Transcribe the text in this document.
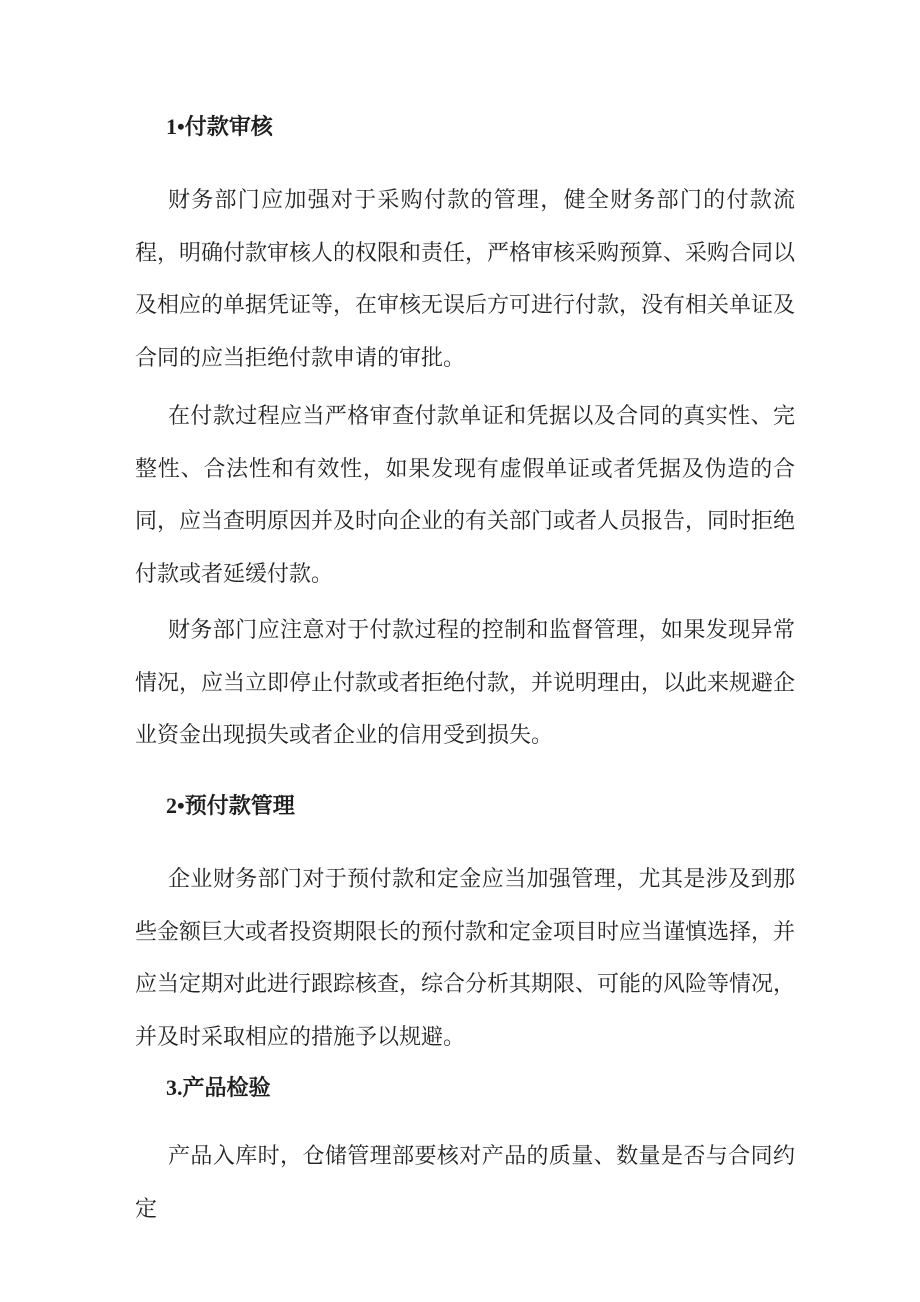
1•付款审核

财务部门应加强对于采购付款的管理，健全财务部门的付款流程，明确付款审核人的权限和责任，严格审核采购预算、采购合同以及相应的单据凭证等，在审核无误后方可进行付款，没有相关单证及合同的应当拒绝付款申请的审批。

在付款过程应当严格审查付款单证和凭据以及合同的真实性、完整性、合法性和有效性，如果发现有虚假单证或者凭据及伪造的合同，应当查明原因并及时向企业的有关部门或者人员报告，同时拒绝付款或者延缓付款。

财务部门应注意对于付款过程的控制和监督管理，如果发现异常情况，应当立即停止付款或者拒绝付款，并说明理由，以此来规避企业资金出现损失或者企业的信用受到损失。

2•预付款管理

企业财务部门对于预付款和定金应当加强管理，尤其是涉及到那些金额巨大或者投资期限长的预付款和定金项目时应当谨慎选择，并应当定期对此进行跟踪核查，综合分析其期限、可能的风险等情况，并及时采取相应的措施予以规避。

3.产品检验

产品入库时，仓储管理部要核对产品的质量、数量是否与合同约定
